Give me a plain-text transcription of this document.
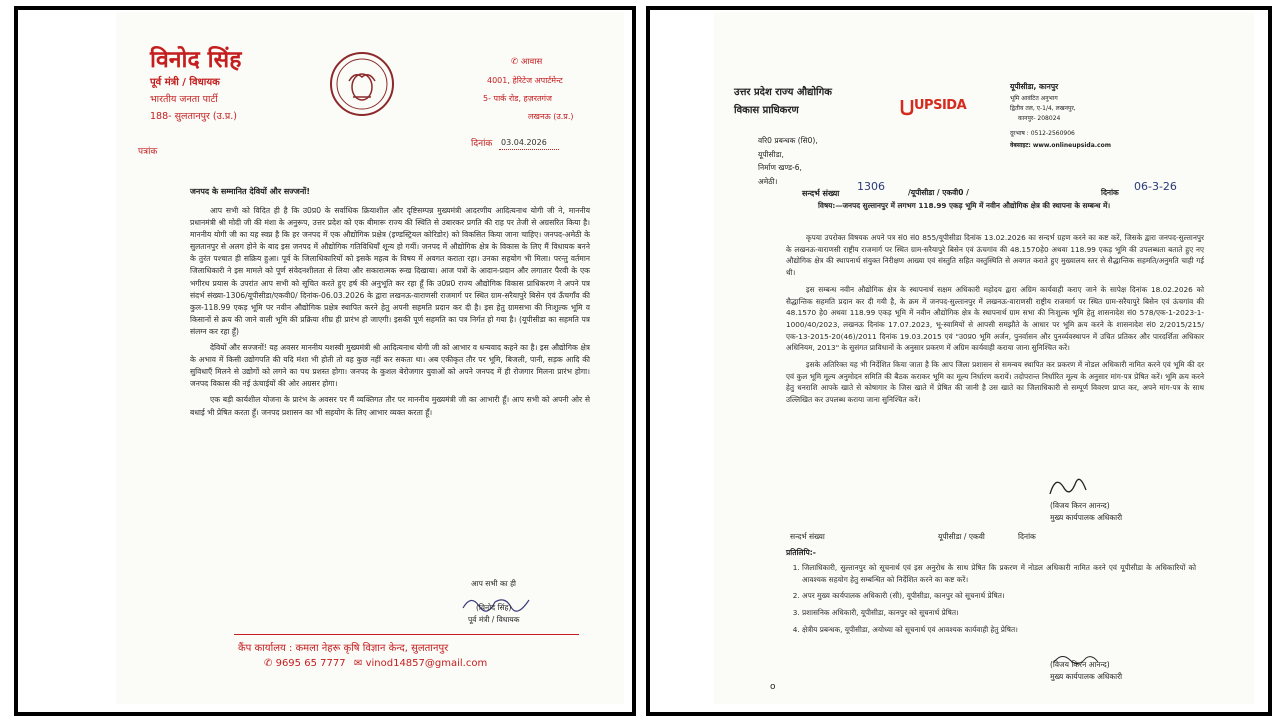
विनोद सिंह
पूर्व मंत्री / विधायक
भारतीय जनता पार्टी
188- सुलतानपुर (उ.प्र.)
✆ आवास
4001, हेरिटेज अपार्टमेन्ट
5- पार्क रोड, हज़रतगंज
लखनऊ (उ.प्र.)
पत्रांक
दिनांक 03.04.2026
जनपद के सम्मानित देवियों और सज्जनों!

आप सभी को विदित ही है कि उ0प्र0 के सर्वाधिक क्रियाशील और दृष्टिसम्पन्न मुख्यमंत्री आदरणीय आदित्यनाथ योगी जी ने, माननीय प्रधानमंत्री श्री मोदी जी की मंशा के अनुरूप, उत्तर प्रदेश को एक बीमारू राज्य की स्थिति से उबारकर प्रगति की राह पर तेजी से अग्रसरित किया है। माननीय योगी जी का यह स्वप्न है कि हर जनपद में एक औद्योगिक प्रक्षेत्र (इण्डस्ट्रियल कोरिडोर) को विकसित किया जाना चाहिए। जनपद-अमेठी के सुलतानपुर से अलग होने के बाद इस जनपद में औद्योगिक गतिविधियाँ शून्य हो गयीं। जनपद में औद्योगिक क्षेत्र के विकास के लिए मैं विधायक बनने के तुरंत पश्चात ही सक्रिय हुआ। पूर्व के जिलाधिकारियों को इसके महत्व के विषय में अवगत कराता रहा। उनका सहयोग भी मिला। परन्तु वर्तमान जिलाधिकारी ने इस मामले को पूर्ण संवेदनशीलता से लिया और सकारात्मक रूख दिखाया। आज पत्रों के आदान-प्रदान और लगातार पैरवी के एक भगीरथ प्रयास के उपरांत आप सभी को सूचित करते हुए हर्ष की अनुभूति कर रहा हूँ कि उ0प्र0 राज्य औद्योगिक विकास प्राधिकरण ने अपने पत्र संदर्भ संख्या-1306/यूपीसीडा/एकवी0/ दिनांक-06.03.2026 के द्वारा लखनऊ-वाराणसी राजमार्ग पर स्थित ग्राम-सरैयापुरे बिसेन एवं ऊँचगाँव की कुल-118.99 एकड़ भूमि पर नवीन औद्योगिक प्रक्षेत्र स्थापित करने हेतु अपनी सहमति प्रदान कर दी है। इस हेतु ग्रामसभा की निःशुल्क भूमि व किसानों से क्रय की जाने वाली भूमि की प्रक्रिया शीघ्र ही प्रारंभ हो जाएगी। इसकी पूर्ण सहमति का पत्र निर्गत हो गया है। (यूपीसीडा का सहमति पत्र संलग्न कर रहा हूँ)

देवियों और सज्जनों! यह अवसर माननीय यशस्वी मुख्यमंत्री श्री आदित्यनाथ योगी जी को आभार व धन्यवाद कहने का है। इस औद्योगिक क्षेत्र के अभाव में किसी उद्योगपति की यदि मंशा भी होती तो वह कुछ नहीं कर सकता था। अब एकीकृत तौर पर भूमि, बिजली, पानी, सड़क आदि की सुविधाएँ मिलने से उद्योगों को लगने का पथ प्रशस्त होगा। जनपद के कुशल बेरोजगार युवाओं को अपने जनपद में ही रोजगार मिलना प्रारंभ होगा। जनपद विकास की नई ऊंचाईयों की ओर अग्रसर होगा।

एक बड़ी कार्यशील योजना के प्रारंभ के अवसर पर मैं व्यक्तिगत तौर पर माननीय मुख्यमंत्री जी का आभारी हूँ। आप सभी को अपनी ओर से बधाई भी प्रेषित करता हूँ। जनपद प्रशासन का भी सहयोग के लिए आभार व्यक्त करता हूँ।

आप सभी का ही
(विनोद सिंह)
पूर्व मंत्री / विधायक
कैंप कार्यालय : कमला नेहरू कृषि विज्ञान केन्द, सुलतानपुर
✆ 9695 65 7777 ✉ vinod14857@gmail.com
उत्तर प्रदेश राज्य औद्योगिक
विकास प्राधिकरण	UPSIDA
यूपीसीडा, कानपुर
भूमि आवंटित अनुभाग
द्वितीय तल, ए-1/4, लखनपुर,
कानपुर- 208024
दूरभाष : 0512-2560906
वेबसाइट: www.onlineupsida.com
वरि0 प्रबन्धक (सि0),
यूपीसीडा,
निर्माण खण्ड-6,
अमेठी।
सन्दर्भ संख्या
1306	/यूपीसीडा / एकवी0 /	दिनांक 06-3-26
विषय:—जनपद सुल्तानपुर में लगभग 118.99 एकड़ भूमि में नवीन औद्योगिक क्षेत्र की स्थापना के सम्बन्ध में।

कृपया उपरोक्त विषयक अपने पत्र सं0 सं0 855/यूपीसीडा दिनांक 13.02.2026 का सन्दर्भ ग्रहण करने का कष्ट करें, जिसके द्वारा जनपद-सुल्तानपुर के लखनऊ-वाराणसी राष्ट्रीय राजमार्ग पर स्थित ग्राम-सरैयापुरे बिसेन एवं ऊंचगांव की 48.1570हे0 अथवा 118.99 एकड़ भूमि की उपलब्धता बताते हुए नए औद्योगिक क्षेत्र की स्थापनार्थ संयुक्त निरीक्षण आख्या एवं संस्तुति सहित वस्तुस्थिति से अवगत कराते हुए मुख्यालय स्तर से सैद्धान्तिक सहमति/अनुमति चाही गई थी।

इस सम्बन्ध नवीन औद्योगिक क्षेत्र के स्थापनार्थ सक्षम अधिकारी महोदय द्वारा अग्रिम कार्यवाही कराए जाने के सापेक्ष दिनांक 18.02.2026 को सैद्धान्तिक सहमति प्रदान कर दी गयी है, के क्रम में जनपद-सुल्तानपुर में लखनऊ-वाराणसी राष्ट्रीय राजमार्ग पर स्थित ग्राम-सरैयापुरे बिसेन एवं ऊंचगांव की 48.1570 हे0 अथवा 118.99 एकड़ भूमि में नवीन औद्योगिक क्षेत्र के स्थापनार्थ ग्राम सभा की निःशुल्क भूमि हेतु शासनादेश सं0 578/एक-1-2023-1-1000/40/2023, लखनऊ दिनांक 17.07.2023, भू-स्वामियों से आपसी समझौते के आधार पर भूमि क्रय करने के शासनादेश सं0 2/2015/215/एक-13-2015-20(46)/2011 दिनांक 19.03.2015 एवं "उ0प्र0 भूमि अर्जन, पुनर्वासन और पुनर्व्यवस्थापन में उचित प्रतिकर और पारदर्शिता अधिकार अधिनियम, 2013" के सुसंगत प्राविधानों के अनुसार प्रकरण में अग्रिम कार्यवाही कराया जाना सुनिश्चित करें।

इसके अतिरिक्त यह भी निर्देशित किया जाता है कि आप जिला प्रशासन से समन्वय स्थापित कर प्रकरण में नोडल अधिकारी नामित करने एवं भूमि की दर एवं कुल भूमि मूल्य अनुमोदन समिति की बैठक कराकर भूमि का मूल्य निर्धारण करायें। तदोपरान्त निर्धारित मूल्य के अनुसार मांग-पत्र प्रेषित करें। भूमि क्रय करने हेतु धनराशि आपके खाते से कोषागार के जिस खाते में प्रेषित की जानी है उस खाते का जिलाधिकारी से सम्पूर्ण विवरण प्राप्त कर, अपने मांग-पत्र के साथ उल्लिखित कर उपलब्ध कराया जाना सुनिश्चित करें।

(विजय किरन आनन्द)
मुख्य कार्यपालक अधिकारी
सन्दर्भ संख्या	यूपीसीडा / एकवी	दिनांक
प्रतिलिपि:-
1. जिलाधिकारी, सुल्तानपुर को सूचनार्थ एवं इस अनुरोध के साथ प्रेषित कि प्रकरण में नोडल अधिकारी नामित करने एवं यूपीसीडा के अधिकारियों को आवश्यक सहयोग हेतु सम्बन्धित को निर्देशित करने का कष्ट करें।
2. अपर मुख्य कार्यपालक अधिकारी (सी), यूपीसीडा, कानपुर को सूचनार्थ प्रेषित।
3. प्रशासनिक अधिकारी, यूपीसीडा, कानपुर को सूचनार्थ प्रेषित।
4. क्षेत्रीय प्रबन्धक, यूपीसीडा, अयोध्या को सूचनार्थ एवं आवश्यक कार्यवाही हेतु प्रेषित।
(विजय किरन आनन्द)
मुख्य कार्यपालक अधिकारी
o
